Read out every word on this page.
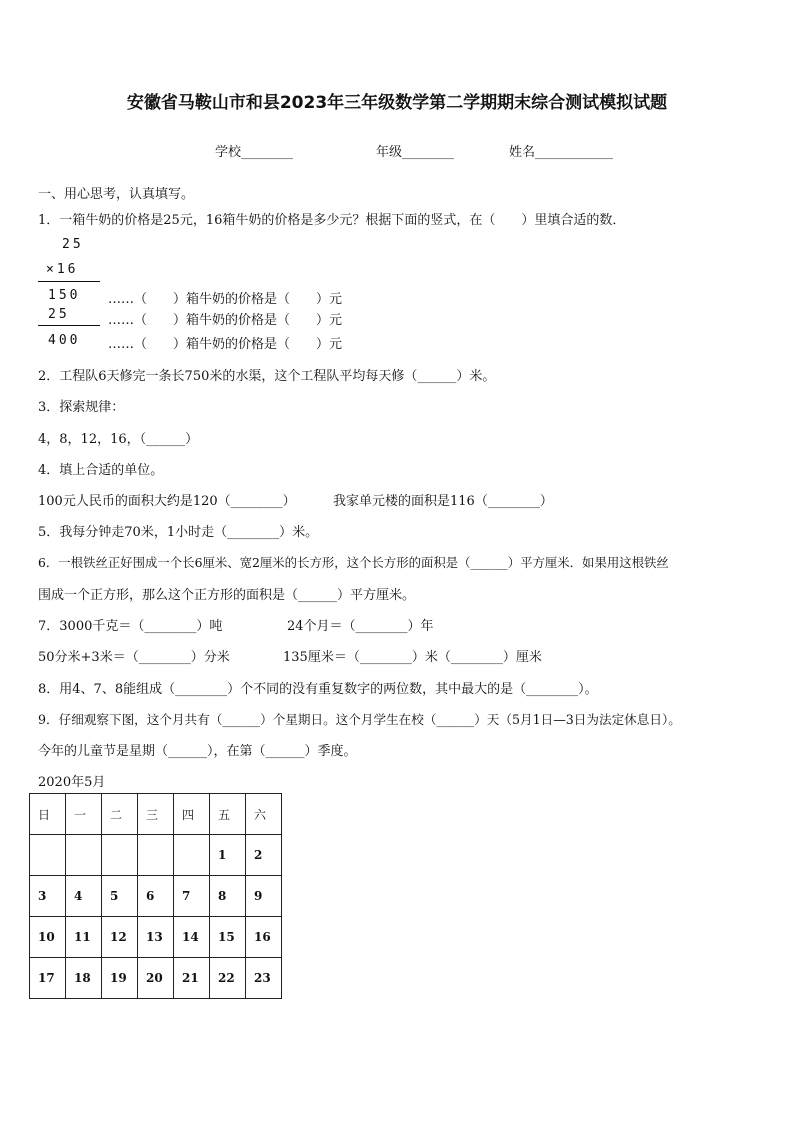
安徽省马鞍山市和县2023年三年级数学第二学期期末综合测试模拟试题
学校________	年级________	姓名____________
一、用心思考，认真填写。
1．一箱牛奶的价格是25元，16箱牛奶的价格是多少元？根据下面的竖式，在（　　）里填合适的数．
25
×16
150
25
400
……（　　）箱牛奶的价格是（　　）元
……（　　）箱牛奶的价格是（　　）元
……（　　）箱牛奶的价格是（　　）元
2．工程队6天修完一条长750米的水渠，这个工程队平均每天修（______）米。
3．探索规律：
4，8，12，16，（______）
4．填上合适的单位。
100元人民币的面积大约是120（________）	我家单元楼的面积是116（________）
5．我每分钟走70米，1小时走（________）米。
6．一根铁丝正好围成一个长6厘米、宽2厘米的长方形，这个长方形的面积是（______）平方厘米．如果用这根铁丝
围成一个正方形，那么这个正方形的面积是（______）平方厘米。
7．3000千克＝（________）吨	24个月＝（________）年
50分米+3米＝（________）分米	135厘米＝（________）米（________）厘米
8．用4、7、8能组成（________）个不同的没有重复数字的两位数，其中最大的是（________）。
9．仔细观察下图，这个月共有（______）个星期日。这个月学生在校（______）天（5月1日—3日为法定休息日）。
今年的儿童节是星期（______），在第（______）季度。
2020年5月
日	一	二	三	四	五	六
					1	2
3	4	5	6	7	8	9
10	11	12	13	14	15	16
17	18	19	20	21	22	23
